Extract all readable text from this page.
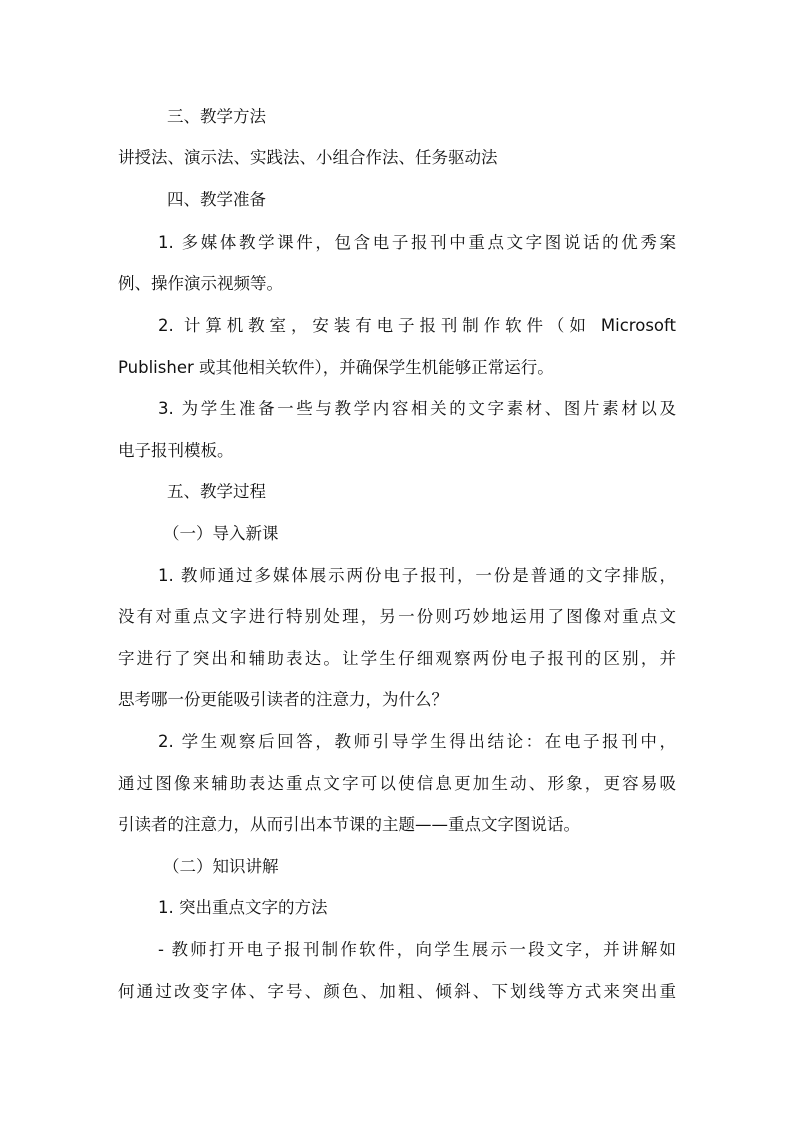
三、教学方法
讲授法、演示法、实践法、小组合作法、任务驱动法
四、教学准备
1. 多媒体教学课件，包含电子报刊中重点文字图说话的优秀案
例、操作演示视频等。
2. 计算机教室，安装有电子报刊制作软件（如 Microsoft
Publisher 或其他相关软件），并确保学生机能够正常运行。
3. 为学生准备一些与教学内容相关的文字素材、图片素材以及
电子报刊模板。
五、教学过程
（一）导入新课
1. 教师通过多媒体展示两份电子报刊，一份是普通的文字排版，
没有对重点文字进行特别处理，另一份则巧妙地运用了图像对重点文
字进行了突出和辅助表达。让学生仔细观察两份电子报刊的区别，并
思考哪一份更能吸引读者的注意力，为什么？
2. 学生观察后回答，教师引导学生得出结论：在电子报刊中，
通过图像来辅助表达重点文字可以使信息更加生动、形象，更容易吸
引读者的注意力，从而引出本节课的主题——重点文字图说话。
（二）知识讲解
1. 突出重点文字的方法
- 教师打开电子报刊制作软件，向学生展示一段文字，并讲解如
何通过改变字体、字号、颜色、加粗、倾斜、下划线等方式来突出重
